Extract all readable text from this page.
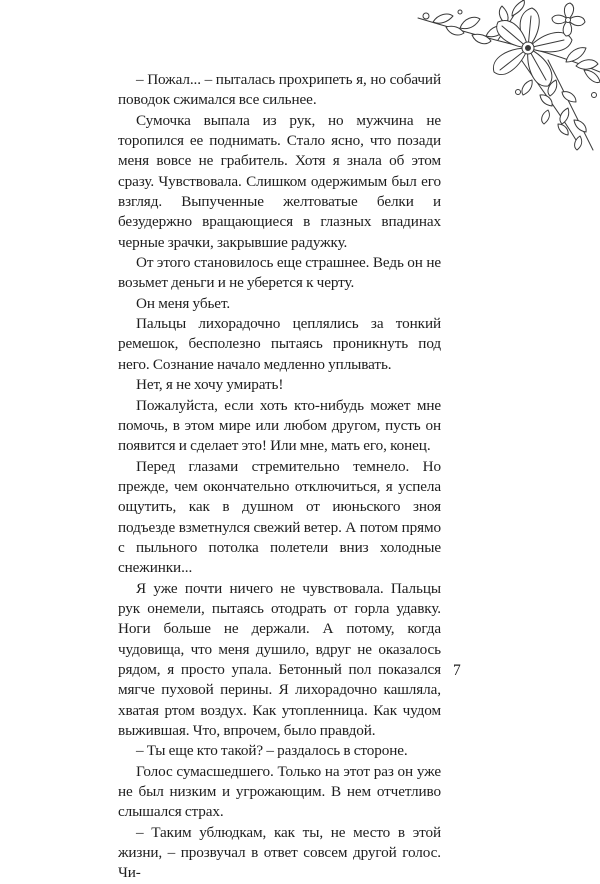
– Пожал... – пыталась прохрипеть я, но собачий поводок сжимался все сильнее.

Сумочка выпала из рук, но мужчина не торопился ее поднимать. Стало ясно, что позади меня вовсе не грабитель. Хотя я знала об этом сразу. Чувствовала. Слишком одержимым был его взгляд. Выпученные желтоватые белки и безудержно вращающиеся в глазных впадинах черные зрачки, закрывшие радужку.

От этого становилось еще страшнее. Ведь он не возьмет деньги и не уберется к черту.

Он меня убьет.

Пальцы лихорадочно цеплялись за тонкий ремешок, бесполезно пытаясь проникнуть под него. Сознание начало медленно уплывать.

Нет, я не хочу умирать!

Пожалуйста, если хоть кто-нибудь может мне помочь, в этом мире или любом другом, пусть он появится и сделает это! Или мне, мать его, конец.

Перед глазами стремительно темнело. Но прежде, чем окончательно отключиться, я успела ощутить, как в душном от июньского зноя подъезде взметнулся свежий ветер. А потом прямо с пыльного потолка полетели вниз холодные снежинки...

Я уже почти ничего не чувствовала. Пальцы рук онемели, пытаясь отодрать от горла удавку. Ноги больше не держали. А потому, когда чудовища, что меня душило, вдруг не оказалось рядом, я просто упала. Бетонный пол показался мягче пуховой перины. Я лихорадочно кашляла, хватая ртом воздух. Как утопленница. Как чудом выжившая. Что, впрочем, было правдой.

– Ты еще кто такой? – раздалось в стороне.

Голос сумасшедшего. Только на этот раз он уже не был низким и угрожающим. В нем отчетливо слышался страх.

– Таким ублюдкам, как ты, не место в этой жизни, – прозвучал в ответ совсем другой голос. Чи-

7
